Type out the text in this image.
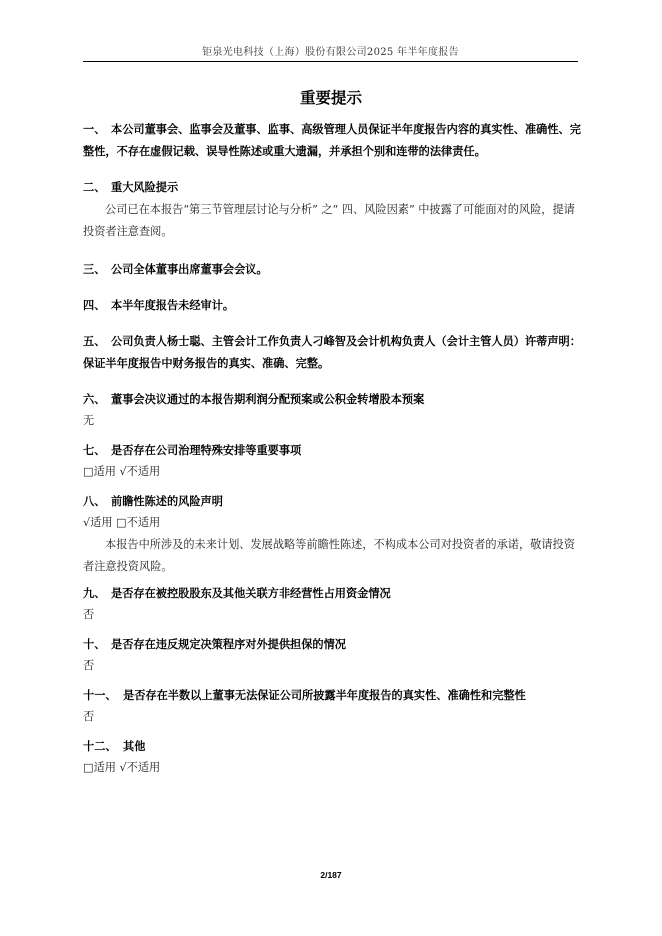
钜泉光电科技（上海）股份有限公司2025 年半年度报告
重要提示
一、 本公司董事会、监事会及董事、监事、高级管理人员保证半年度报告内容的真实性、准确性、完整性，不存在虚假记载、误导性陈述或重大遗漏，并承担个别和连带的法律责任。
二、 重大风险提示
公司已在本报告“第三节管理层讨论与分析” 之“ 四、风险因素” 中披露了可能面对的风险，提请投资者注意查阅。
三、 公司全体董事出席董事会会议。
四、 本半年度报告未经审计。
五、 公司负责人杨士聪、主管会计工作负责人刁峰智及会计机构负责人（会计主管人员）许蒂声明：保证半年度报告中财务报告的真实、准确、完整。
六、 董事会决议通过的本报告期利润分配预案或公积金转增股本预案
无
七、 是否存在公司治理特殊安排等重要事项
□适用 √不适用
八、 前瞻性陈述的风险声明
√适用 □不适用
本报告中所涉及的未来计划、发展战略等前瞻性陈述，不构成本公司对投资者的承诺，敬请投资者注意投资风险。
九、 是否存在被控股股东及其他关联方非经营性占用资金情况
否
十、 是否存在违反规定决策程序对外提供担保的情况
否
十一、 是否存在半数以上董事无法保证公司所披露半年度报告的真实性、准确性和完整性
否
十二、 其他
□适用 √不适用
2/187
